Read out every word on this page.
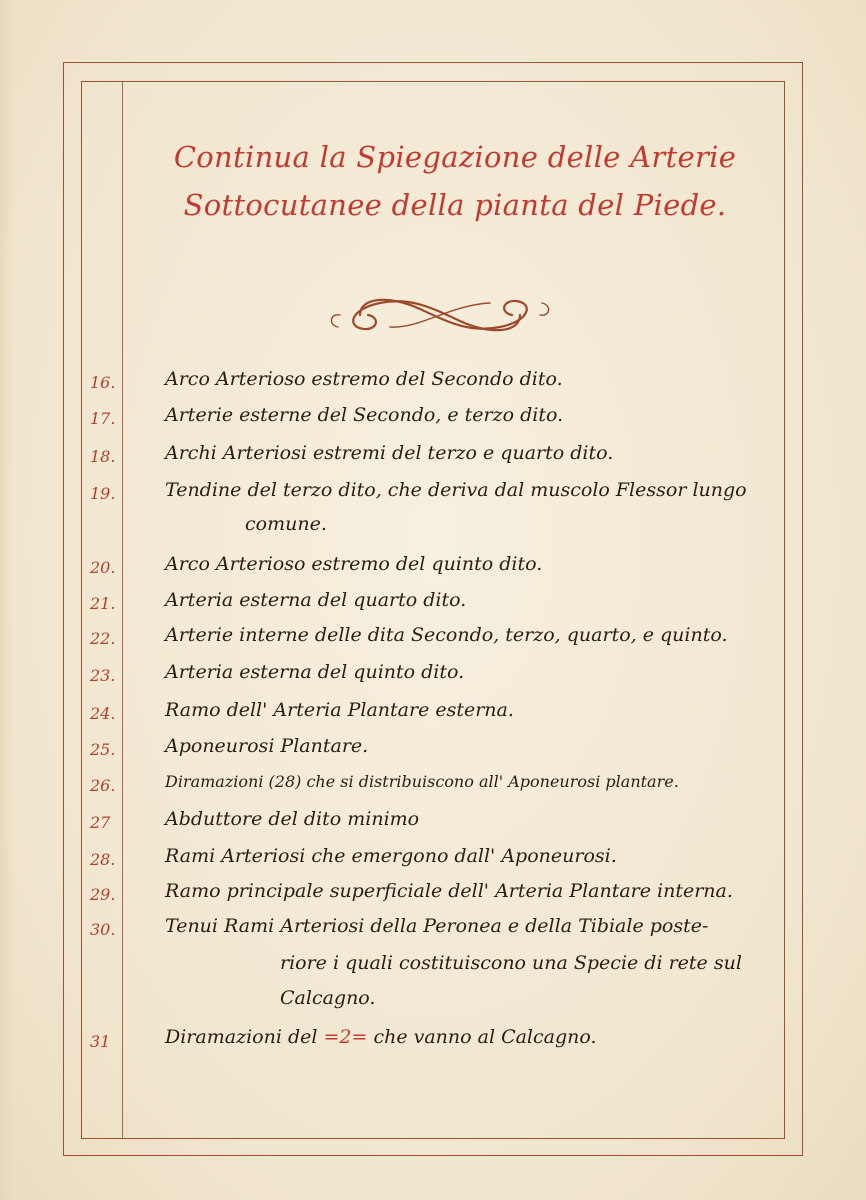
Continua la Spiegazione delle Arterie
Sottocutanee della pianta del Piede.
16.	Arco Arterioso estremo del Secondo dito.
17.	Arterie esterne del Secondo, e terzo dito.
18.	Archi Arteriosi estremi del terzo e quarto dito.
19.	Tendine del terzo dito, che deriva dal muscolo Flessor lungo
comune.
20.	Arco Arterioso estremo del quinto dito.
21.	Arteria esterna del quarto dito.
22.	Arterie interne delle dita Secondo, terzo, quarto, e quinto.
23.	Arteria esterna del quinto dito.
24.	Ramo dell' Arteria Plantare esterna.
25.	Aponeurosi Plantare.
26.	Diramazioni (28) che si distribuiscono all' Aponeurosi plantare.
27	Abduttore del dito minimo
28.	Rami Arteriosi che emergono dall' Aponeurosi.
29.	Ramo principale superficiale dell' Arteria Plantare interna.
30.	Tenui Rami Arteriosi della Peronea e della Tibiale poste-
riore i quali costituiscono una Specie di rete sul
Calcagno.
31	Diramazioni del =2= che vanno al Calcagno.
